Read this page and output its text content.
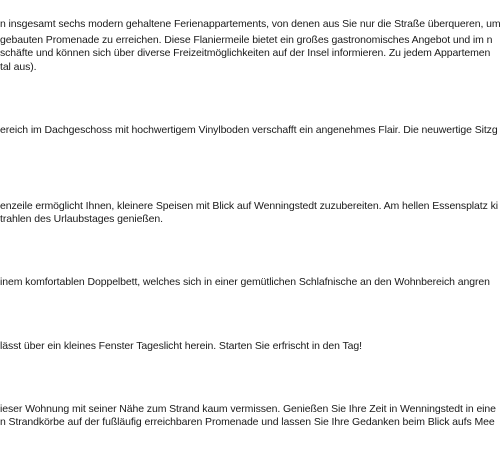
n insgesamt sechs modern gehaltene Ferienappartements, von denen aus Sie nur die Straße überqueren, um

gebauten Promenade zu erreichen. Diese Flaniermeile bietet ein großes gastronomisches Angebot und im n

schäfte und können sich über diverse Freizeitmöglichkeiten auf der Insel informieren. Zu jedem Appartemen

tal aus).

ereich im Dachgeschoss mit hochwertigem Vinylboden verschafft ein angenehmes Flair. Die neuwertige Sitzg

enzeile ermöglicht Ihnen, kleinere Speisen mit Blick auf Wenningstedt zuzubereiten. Am hellen Essensplatz ki

trahlen des Urlaubstages genießen.

inem komfortablen Doppelbett, welches sich in einer gemütlichen Schlafnische an den Wohnbereich angren

lässt über ein kleines Fenster Tageslicht herein. Starten Sie erfrischt in den Tag!

ieser Wohnung mit seiner Nähe zum Strand kaum vermissen. Genießen Sie Ihre Zeit in Wenningstedt in eine

n Strandkörbe auf der fußläufig erreichbaren Promenade und lassen Sie Ihre Gedanken beim Blick aufs Mee
